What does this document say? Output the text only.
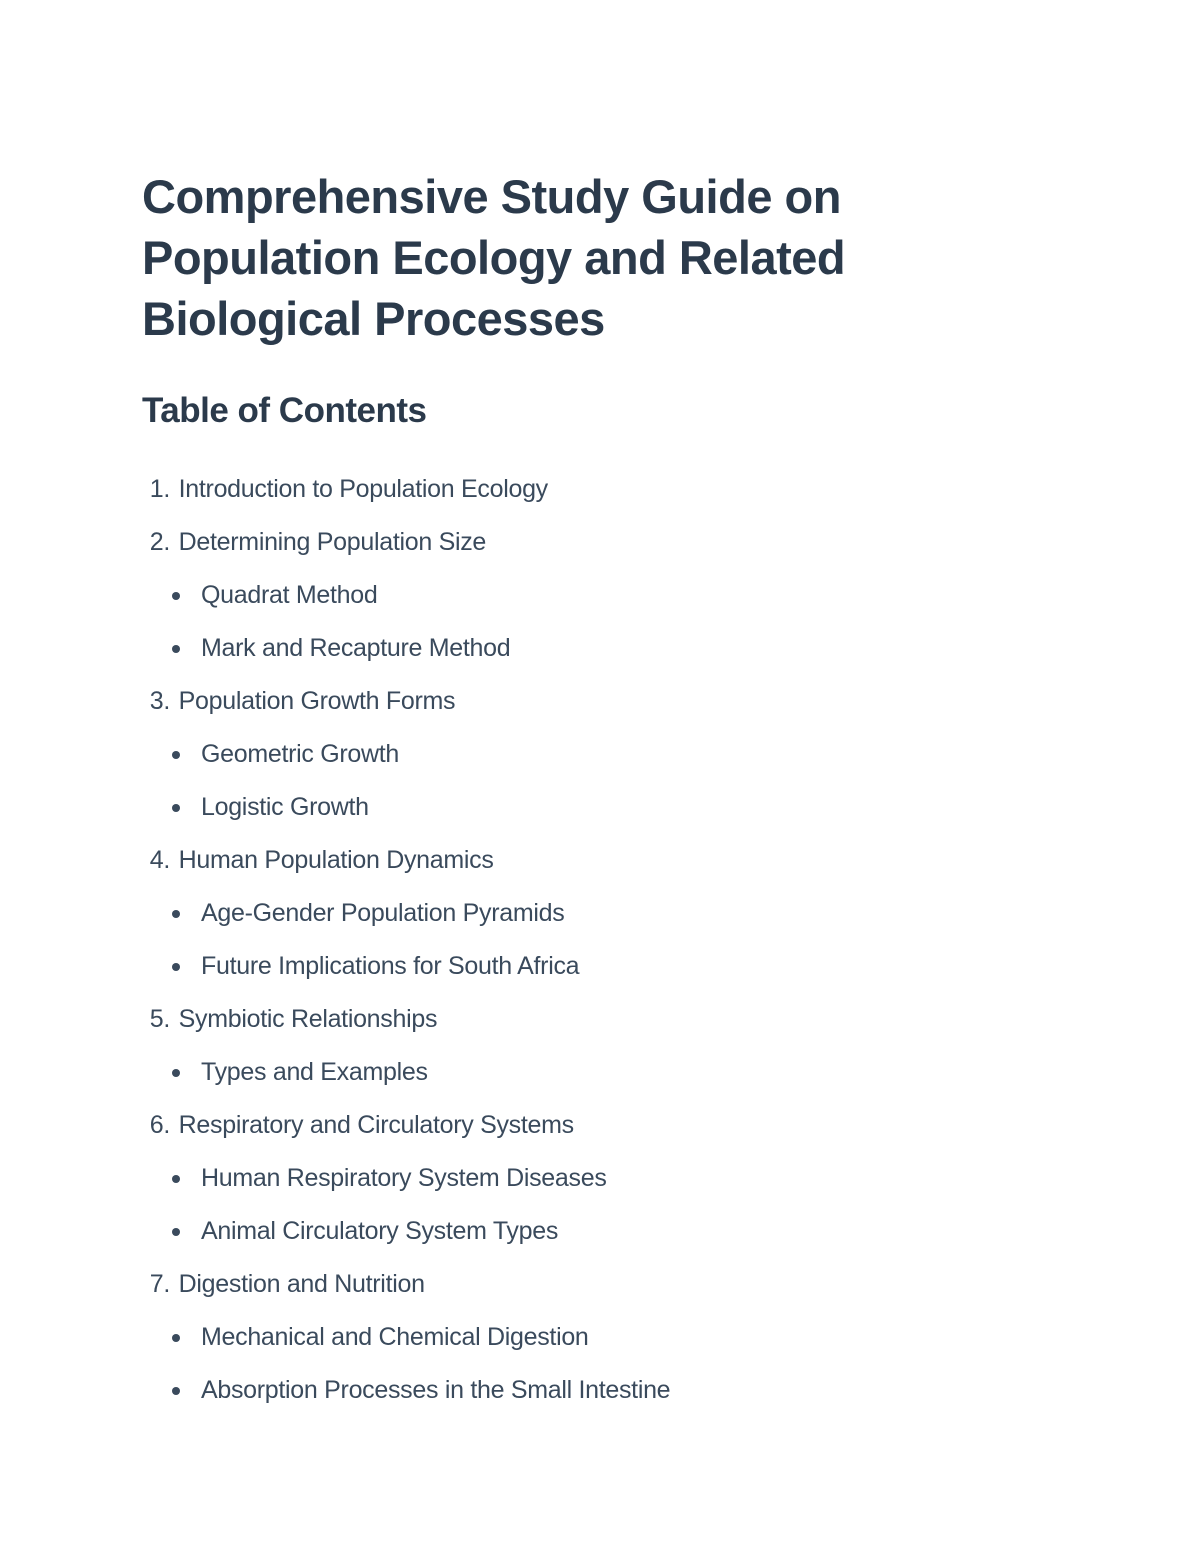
Comprehensive Study Guide on Population Ecology and Related Biological Processes
Table of Contents
1.
Introduction to Population Ecology
2.
Determining Population Size
Quadrat Method
Mark and Recapture Method
3.
Population Growth Forms
Geometric Growth
Logistic Growth
4.
Human Population Dynamics
Age-Gender Population Pyramids
Future Implications for South Africa
5.
Symbiotic Relationships
Types and Examples
6.
Respiratory and Circulatory Systems
Human Respiratory System Diseases
Animal Circulatory System Types
7.
Digestion and Nutrition
Mechanical and Chemical Digestion
Absorption Processes in the Small Intestine
